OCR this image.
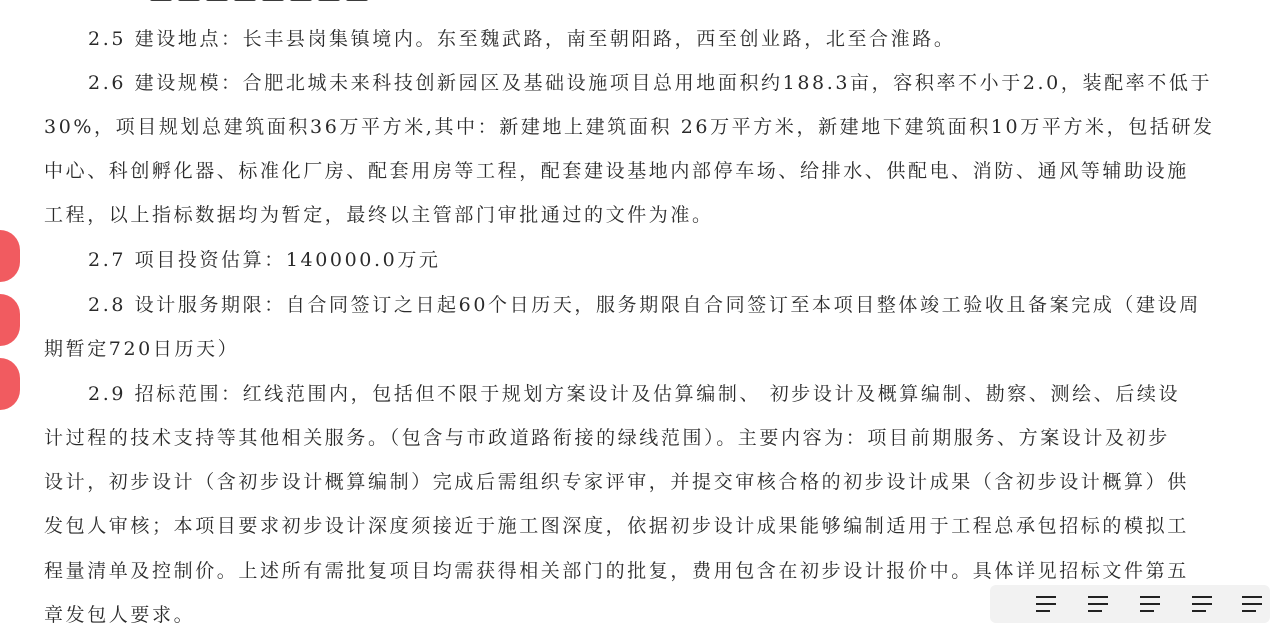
2.5 建设地点：长丰县岗集镇境内。东至魏武路，南至朝阳路，西至创业路，北至合淮路。
2.6 建设规模：合肥北城未来科技创新园区及基础设施项目总用地面积约188.3亩，容积率不小于2.0，装配率不低于
30%，项目规划总建筑面积36万平方米,其中：新建地上建筑面积 26万平方米，新建地下建筑面积10万平方米，包括研发
中心、科创孵化器、标准化厂房、配套用房等工程，配套建设基地内部停车场、给排水、供配电、消防、通风等辅助设施
工程，以上指标数据均为暂定，最终以主管部门审批通过的文件为准。
2.7 项目投资估算：140000.0万元
2.8 设计服务期限：自合同签订之日起60个日历天，服务期限自合同签订至本项目整体竣工验收且备案完成（建设周
期暂定720日历天）
2.9 招标范围：红线范围内，包括但不限于规划方案设计及估算编制、 初步设计及概算编制、勘察、测绘、后续设
计过程的技术支持等其他相关服务。（包含与市政道路衔接的绿线范围）。主要内容为：项目前期服务、方案设计及初步
设计，初步设计（含初步设计概算编制）完成后需组织专家评审，并提交审核合格的初步设计成果（含初步设计概算）供
发包人审核；本项目要求初步设计深度须接近于施工图深度，依据初步设计成果能够编制适用于工程总承包招标的模拟工
程量清单及控制价。上述所有需批复项目均需获得相关部门的批复，费用包含在初步设计报价中。具体详见招标文件第五
章发包人要求。
